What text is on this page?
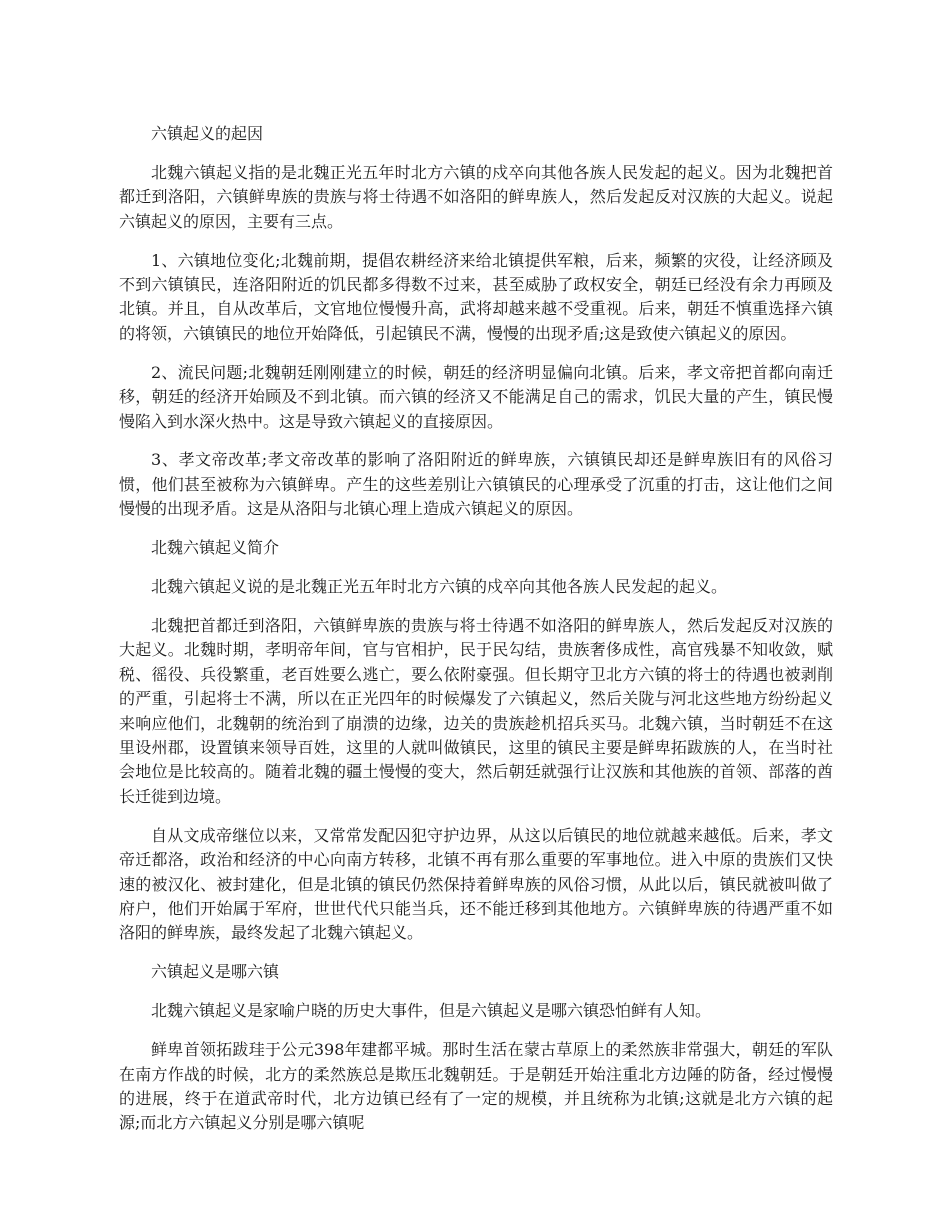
六镇起义的起因

北魏六镇起义指的是北魏正光五年时北方六镇的戍卒向其他各族人民发起的起义。因为北魏把首都迁到洛阳，六镇鲜卑族的贵族与将士待遇不如洛阳的鲜卑族人，然后发起反对汉族的大起义。说起六镇起义的原因，主要有三点。

1、六镇地位变化;北魏前期，提倡农耕经济来给北镇提供军粮，后来，频繁的灾役，让经济顾及不到六镇镇民，连洛阳附近的饥民都多得数不过来，甚至威胁了政权安全，朝廷已经没有余力再顾及北镇。并且，自从改革后，文官地位慢慢升高，武将却越来越不受重视。后来，朝廷不慎重选择六镇的将领，六镇镇民的地位开始降低，引起镇民不满，慢慢的出现矛盾;这是致使六镇起义的原因。

2、流民问题;北魏朝廷刚刚建立的时候，朝廷的经济明显偏向北镇。后来，孝文帝把首都向南迁移，朝廷的经济开始顾及不到北镇。而六镇的经济又不能满足自己的需求，饥民大量的产生，镇民慢慢陷入到水深火热中。这是导致六镇起义的直接原因。

3、孝文帝改革;孝文帝改革的影响了洛阳附近的鲜卑族，六镇镇民却还是鲜卑族旧有的风俗习惯，他们甚至被称为六镇鲜卑。产生的这些差别让六镇镇民的心理承受了沉重的打击，这让他们之间慢慢的出现矛盾。这是从洛阳与北镇心理上造成六镇起义的原因。

北魏六镇起义简介

北魏六镇起义说的是北魏正光五年时北方六镇的戍卒向其他各族人民发起的起义。

北魏把首都迁到洛阳，六镇鲜卑族的贵族与将士待遇不如洛阳的鲜卑族人，然后发起反对汉族的大起义。北魏时期，孝明帝年间，官与官相护，民于民勾结，贵族奢侈成性，高官残暴不知收敛，赋税、徭役、兵役繁重，老百姓要么逃亡，要么依附豪强。但长期守卫北方六镇的将士的待遇也被剥削的严重，引起将士不满，所以在正光四年的时候爆发了六镇起义，然后关陇与河北这些地方纷纷起义来响应他们，北魏朝的统治到了崩溃的边缘，边关的贵族趁机招兵买马。北魏六镇，当时朝廷不在这里设州郡，设置镇来领导百姓，这里的人就叫做镇民，这里的镇民主要是鲜卑拓跋族的人，在当时社会地位是比较高的。随着北魏的疆土慢慢的变大，然后朝廷就强行让汉族和其他族的首领、部落的酋长迁徙到边境。

自从文成帝继位以来，又常常发配囚犯守护边界，从这以后镇民的地位就越来越低。后来，孝文帝迁都洛，政治和经济的中心向南方转移，北镇不再有那么重要的军事地位。进入中原的贵族们又快速的被汉化、被封建化，但是北镇的镇民仍然保持着鲜卑族的风俗习惯，从此以后，镇民就被叫做了府户，他们开始属于军府，世世代代只能当兵，还不能迁移到其他地方。六镇鲜卑族的待遇严重不如洛阳的鲜卑族，最终发起了北魏六镇起义。

六镇起义是哪六镇

北魏六镇起义是家喻户晓的历史大事件，但是六镇起义是哪六镇恐怕鲜有人知。

鲜卑首领拓跋珪于公元398年建都平城。那时生活在蒙古草原上的柔然族非常强大，朝廷的军队在南方作战的时候，北方的柔然族总是欺压北魏朝廷。于是朝廷开始注重北方边陲的防备，经过慢慢的进展，终于在道武帝时代，北方边镇已经有了一定的规模，并且统称为北镇;这就是北方六镇的起源;而北方六镇起义分别是哪六镇呢
